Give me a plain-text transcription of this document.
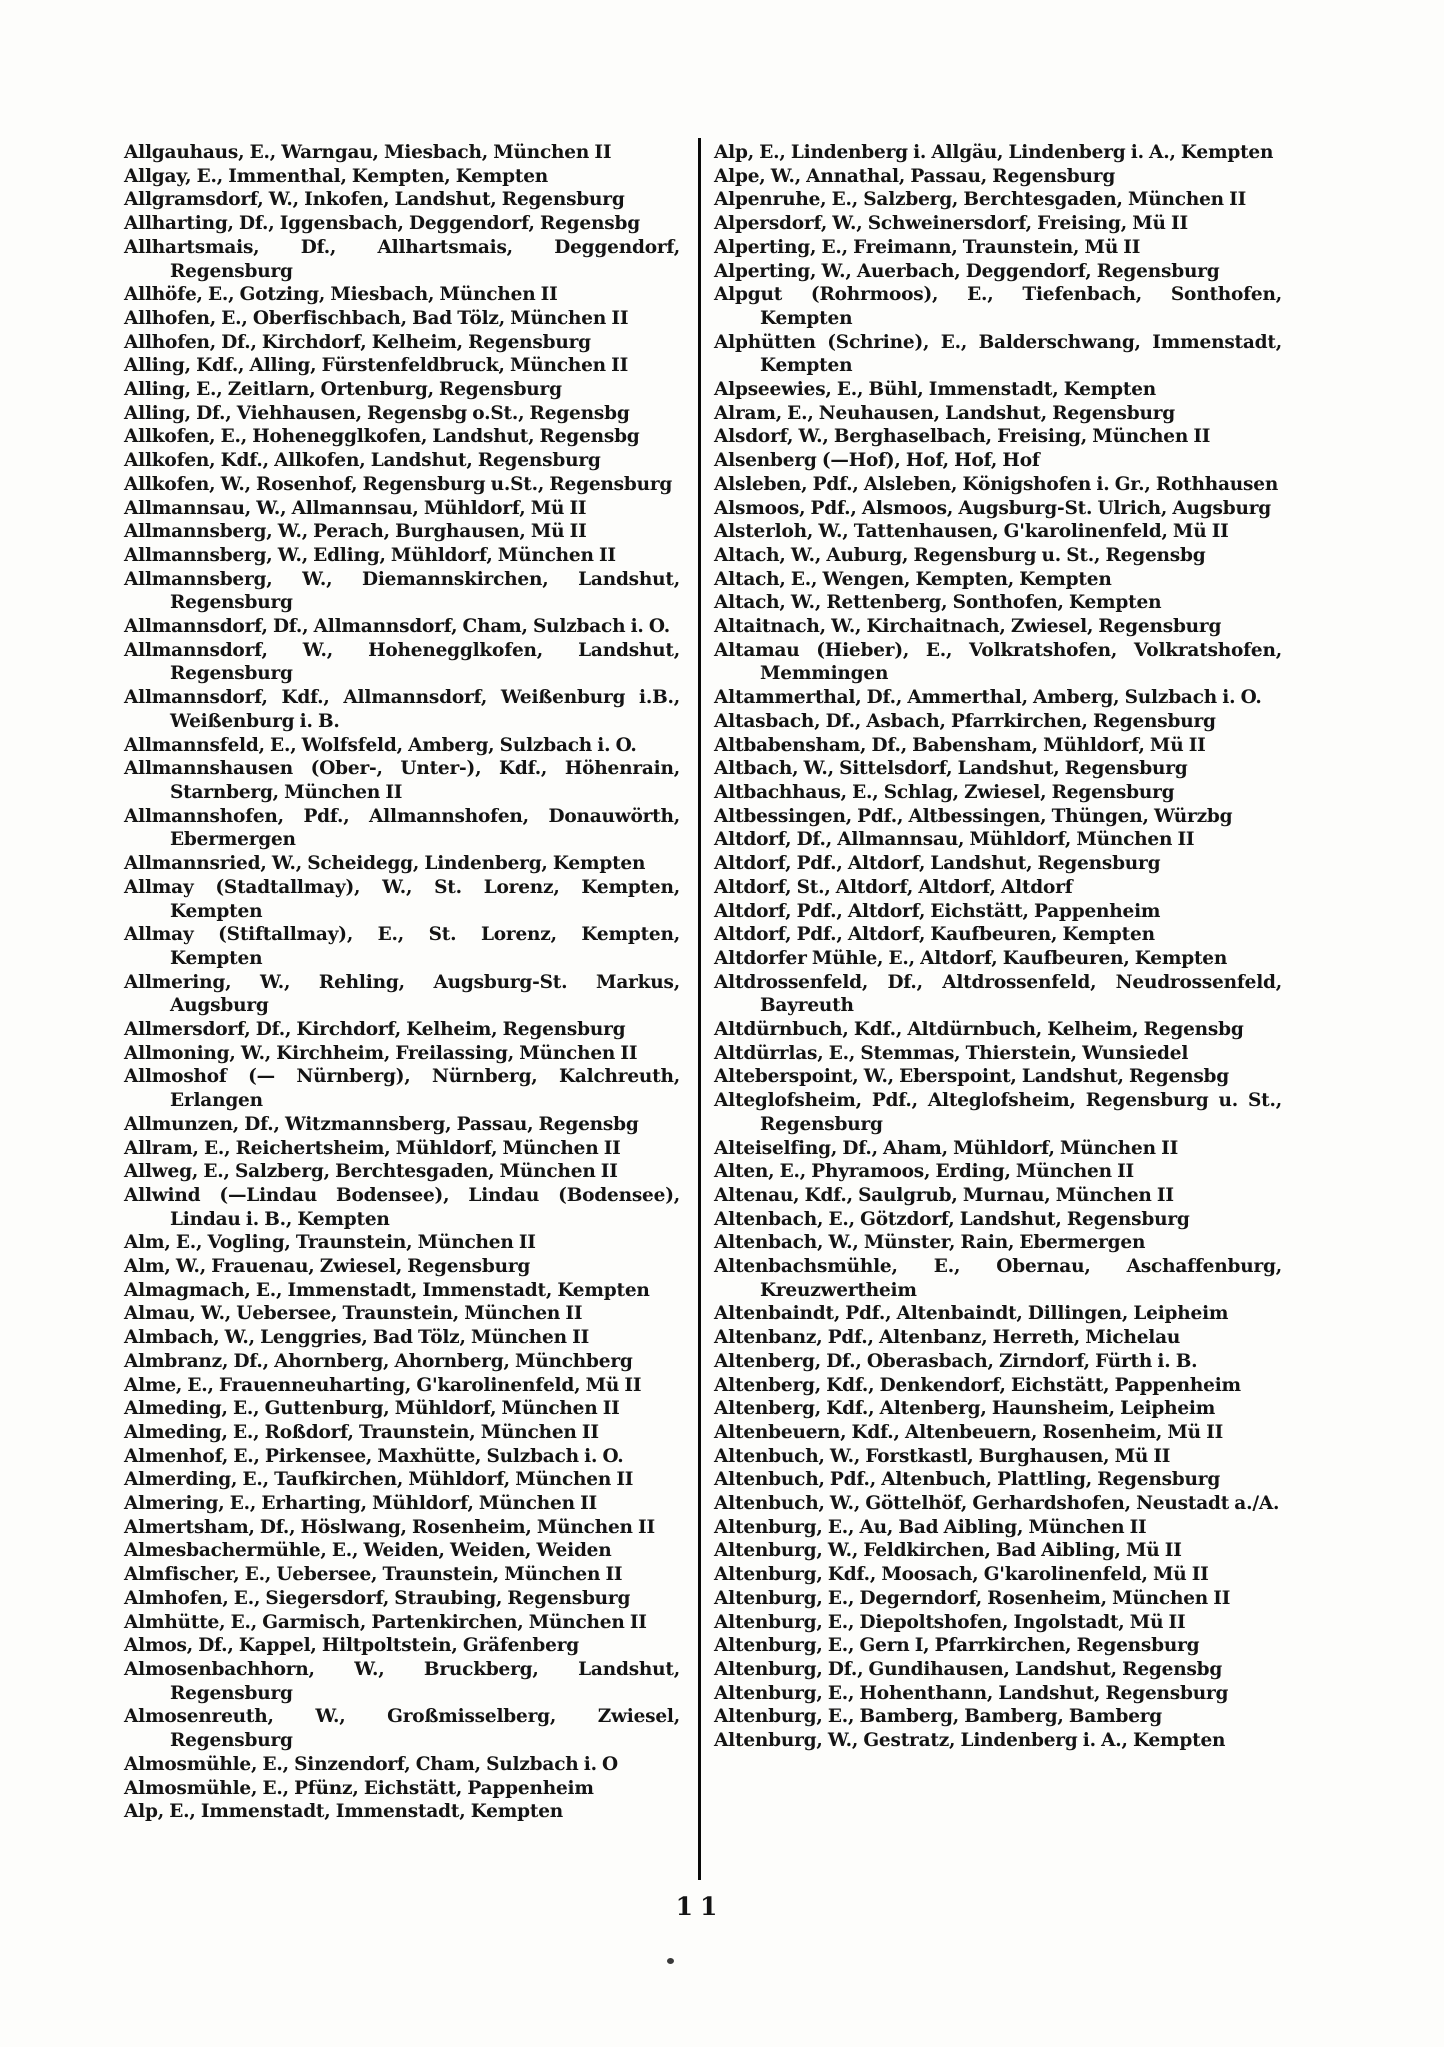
Allgauhaus, E., Warngau, Miesbach, München II

Allgay, E., Immenthal, Kempten, Kempten

Allgramsdorf, W., Inkofen, Landshut, Regensburg

Allharting, Df., Iggensbach, Deggendorf, Regensbg

Allhartsmais, Df., Allhartsmais, Deggendorf, Regensburg

Allhöfe, E., Gotzing, Miesbach, München II

Allhofen, E., Oberfischbach, Bad Tölz, München II

Allhofen, Df., Kirchdorf, Kelheim, Regensburg

Alling, Kdf., Alling, Fürstenfeldbruck, München II

Alling, E., Zeitlarn, Ortenburg, Regensburg

Alling, Df., Viehhausen, Regensbg o.St., Regensbg

Allkofen, E., Hohenegglkofen, Landshut, Regensbg

Allkofen, Kdf., Allkofen, Landshut, Regensburg

Allkofen, W., Rosenhof, Regensburg u.St., Regensburg

Allmannsau, W., Allmannsau, Mühldorf, Mü II

Allmannsberg, W., Perach, Burghausen, Mü II

Allmannsberg, W., Edling, Mühldorf, München II

Allmannsberg, W., Diemannskirchen, Landshut, Regensburg

Allmannsdorf, Df., Allmannsdorf, Cham, Sulzbach i. O.

Allmannsdorf, W., Hohenegglkofen, Landshut, Regensburg

Allmannsdorf, Kdf., Allmannsdorf, Weißenburg i.B., Weißenburg i. B.

Allmannsfeld, E., Wolfsfeld, Amberg, Sulzbach i. O.

Allmannshausen (Ober-, Unter-), Kdf., Höhenrain, Starnberg, München II

Allmannshofen, Pdf., Allmannshofen, Donauwörth, Ebermergen

Allmannsried, W., Scheidegg, Lindenberg, Kempten

Allmay (Stadtallmay), W., St. Lorenz, Kempten, Kempten

Allmay (Stiftallmay), E., St. Lorenz, Kempten, Kempten

Allmering, W., Rehling, Augsburg-St. Markus, Augsburg

Allmersdorf, Df., Kirchdorf, Kelheim, Regensburg

Allmoning, W., Kirchheim, Freilassing, München II

Allmoshof (— Nürnberg), Nürnberg, Kalchreuth, Erlangen

Allmunzen, Df., Witzmannsberg, Passau, Regensbg

Allram, E., Reichertsheim, Mühldorf, München II

Allweg, E., Salzberg, Berchtesgaden, München II

Allwind (—Lindau Bodensee), Lindau (Bodensee), Lindau i. B., Kempten

Alm, E., Vogling, Traunstein, München II

Alm, W., Frauenau, Zwiesel, Regensburg

Almagmach, E., Immenstadt, Immenstadt, Kempten

Almau, W., Uebersee, Traunstein, München II

Almbach, W., Lenggries, Bad Tölz, München II

Almbranz, Df., Ahornberg, Ahornberg, Münchberg

Alme, E., Frauenneuharting, G'karolinenfeld, Mü II

Almeding, E., Guttenburg, Mühldorf, München II

Almeding, E., Roßdorf, Traunstein, München II

Almenhof, E., Pirkensee, Maxhütte, Sulzbach i. O.

Almerding, E., Taufkirchen, Mühldorf, München II

Almering, E., Erharting, Mühldorf, München II

Almertsham, Df., Höslwang, Rosenheim, München II

Almesbachermühle, E., Weiden, Weiden, Weiden

Almfischer, E., Uebersee, Traunstein, München II

Almhofen, E., Siegersdorf, Straubing, Regensburg

Almhütte, E., Garmisch, Partenkirchen, München II

Almos, Df., Kappel, Hiltpoltstein, Gräfenberg

Almosenbachhorn, W., Bruckberg, Landshut, Regensburg

Almosenreuth, W., Großmisselberg, Zwiesel, Regensburg

Almosmühle, E., Sinzendorf, Cham, Sulzbach i. O

Almosmühle, E., Pfünz, Eichstätt, Pappenheim

Alp, E., Immenstadt, Immenstadt, Kempten

Alp, E., Lindenberg i. Allgäu, Lindenberg i. A., Kempten

Alpe, W., Annathal, Passau, Regensburg

Alpenruhe, E., Salzberg, Berchtesgaden, München II

Alpersdorf, W., Schweinersdorf, Freising, Mü II

Alperting, E., Freimann, Traunstein, Mü II

Alperting, W., Auerbach, Deggendorf, Regensburg

Alpgut (Rohrmoos), E., Tiefenbach, Sonthofen, Kempten

Alphütten (Schrine), E., Balderschwang, Immenstadt, Kempten

Alpseewies, E., Bühl, Immenstadt, Kempten

Alram, E., Neuhausen, Landshut, Regensburg

Alsdorf, W., Berghaselbach, Freising, München II

Alsenberg (—Hof), Hof, Hof, Hof

Alsleben, Pdf., Alsleben, Königshofen i. Gr., Rothhausen

Alsmoos, Pdf., Alsmoos, Augsburg-St. Ulrich, Augsburg

Alsterloh, W., Tattenhausen, G'karolinenfeld, Mü II

Altach, W., Auburg, Regensburg u. St., Regensbg

Altach, E., Wengen, Kempten, Kempten

Altach, W., Rettenberg, Sonthofen, Kempten

Altaitnach, W., Kirchaitnach, Zwiesel, Regensburg

Altamau (Hieber), E., Volkratshofen, Volkratshofen, Memmingen

Altammerthal, Df., Ammerthal, Amberg, Sulzbach i. O.

Altasbach, Df., Asbach, Pfarrkirchen, Regensburg

Altbabensham, Df., Babensham, Mühldorf, Mü II

Altbach, W., Sittelsdorf, Landshut, Regensburg

Altbachhaus, E., Schlag, Zwiesel, Regensburg

Altbessingen, Pdf., Altbessingen, Thüngen, Würzbg

Altdorf, Df., Allmannsau, Mühldorf, München II

Altdorf, Pdf., Altdorf, Landshut, Regensburg

Altdorf, St., Altdorf, Altdorf, Altdorf

Altdorf, Pdf., Altdorf, Eichstätt, Pappenheim

Altdorf, Pdf., Altdorf, Kaufbeuren, Kempten

Altdorfer Mühle, E., Altdorf, Kaufbeuren, Kempten

Altdrossenfeld, Df., Altdrossenfeld, Neudrossenfeld, Bayreuth

Altdürnbuch, Kdf., Altdürnbuch, Kelheim, Regensbg

Altdürrlas, E., Stemmas, Thierstein, Wunsiedel

Alteberspoint, W., Eberspoint, Landshut, Regensbg

Alteglofsheim, Pdf., Alteglofsheim, Regensburg u. St., Regensburg

Alteiselfing, Df., Aham, Mühldorf, München II

Alten, E., Phyramoos, Erding, München II

Altenau, Kdf., Saulgrub, Murnau, München II

Altenbach, E., Götzdorf, Landshut, Regensburg

Altenbach, W., Münster, Rain, Ebermergen

Altenbachsmühle, E., Obernau, Aschaffenburg, Kreuzwertheim

Altenbaindt, Pdf., Altenbaindt, Dillingen, Leipheim

Altenbanz, Pdf., Altenbanz, Herreth, Michelau

Altenberg, Df., Oberasbach, Zirndorf, Fürth i. B.

Altenberg, Kdf., Denkendorf, Eichstätt, Pappenheim

Altenberg, Kdf., Altenberg, Haunsheim, Leipheim

Altenbeuern, Kdf., Altenbeuern, Rosenheim, Mü II

Altenbuch, W., Forstkastl, Burghausen, Mü II

Altenbuch, Pdf., Altenbuch, Plattling, Regensburg

Altenbuch, W., Göttelhöf, Gerhardshofen, Neustadt a./A.

Altenburg, E., Au, Bad Aibling, München II

Altenburg, W., Feldkirchen, Bad Aibling, Mü II

Altenburg, Kdf., Moosach, G'karolinenfeld, Mü II

Altenburg, E., Degerndorf, Rosenheim, München II

Altenburg, E., Diepoltshofen, Ingolstadt, Mü II

Altenburg, E., Gern I, Pfarrkirchen, Regensburg

Altenburg, Df., Gundihausen, Landshut, Regensbg

Altenburg, E., Hohenthann, Landshut, Regensburg

Altenburg, E., Bamberg, Bamberg, Bamberg

Altenburg, W., Gestratz, Lindenberg i. A., Kempten

11
